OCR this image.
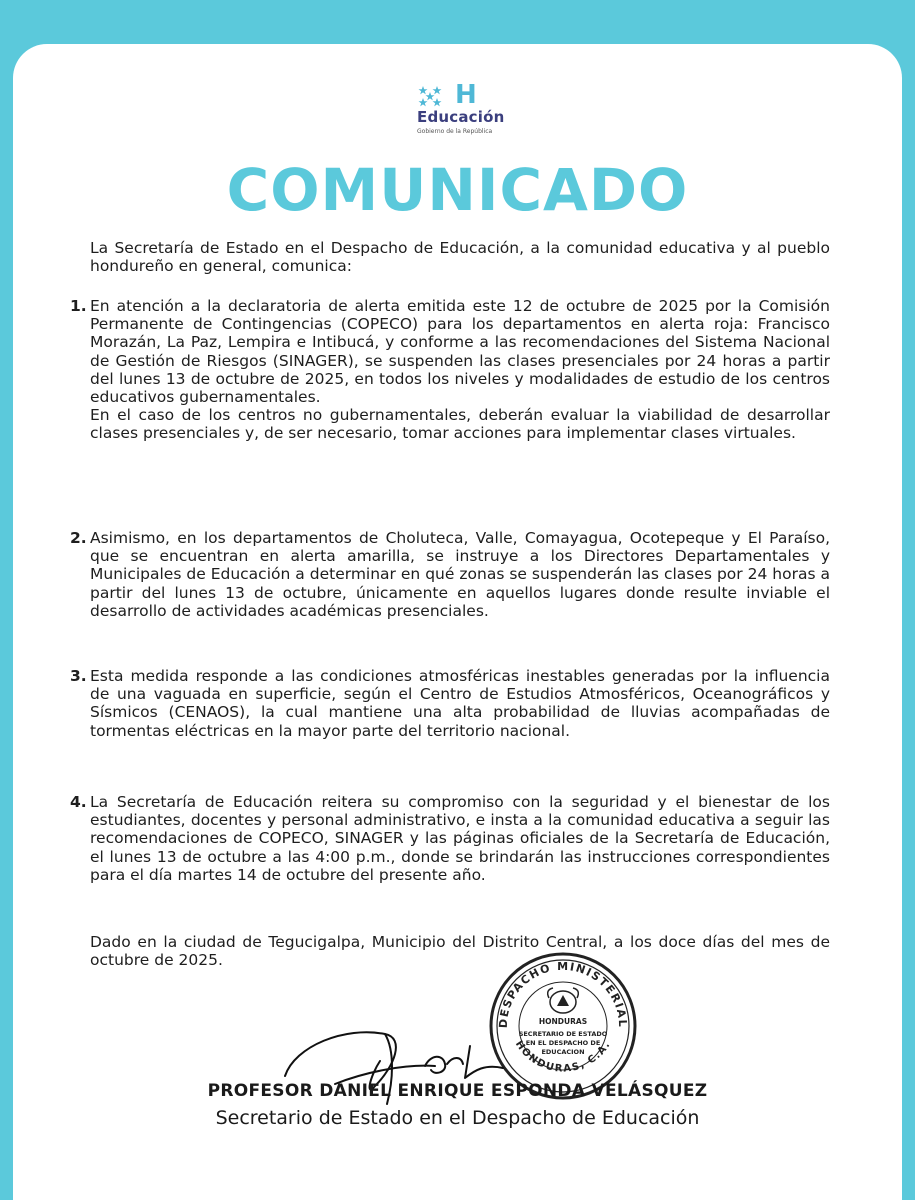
H
Educación
Gobierno de la República
COMUNICADO
La Secretaría de Estado en el Despacho de Educación, a la comunidad educativa y al pueblo hondureño en general, comunica:
1. En atención a la declaratoria de alerta emitida este 12 de octubre de 2025 por la Comisión Permanente de Contingencias (COPECO) para los departamentos en alerta roja: Francisco Morazán, La Paz, Lempira e Intibucá, y conforme a las recomendaciones del Sistema Nacional de Gestión de Riesgos (SINAGER), se suspenden las clases presenciales por 24 horas a partir del lunes 13 de octubre de 2025, en todos los niveles y modalidades de estudio de los centros educativos gubernamentales.

En el caso de los centros no gubernamentales, deberán evaluar la viabilidad de desarrollar clases presenciales y, de ser necesario, tomar acciones para implementar clases virtuales.

2. Asimismo, en los departamentos de Choluteca, Valle, Comayagua, Ocotepeque y El Paraíso, que se encuentran en alerta amarilla, se instruye a los Directores Departamentales y Municipales de Educación a determinar en qué zonas se suspenderán las clases por 24 horas a partir del lunes 13 de octubre, únicamente en aquellos lugares donde resulte inviable el desarrollo de actividades académicas presenciales.

3. Esta medida responde a las condiciones atmosféricas inestables generadas por la influencia de una vaguada en superficie, según el Centro de Estudios Atmosféricos, Oceanográficos y Sísmicos (CENAOS), la cual mantiene una alta probabilidad de lluvias acompañadas de tormentas eléctricas en la mayor parte del territorio nacional.

4. La Secretaría de Educación reitera su compromiso con la seguridad y el bienestar de los estudiantes, docentes y personal administrativo, e insta a la comunidad educativa a seguir las recomendaciones de COPECO, SINAGER y las páginas oficiales de la Secretaría de Educación, el lunes 13 de octubre a las 4:00 p.m., donde se brindarán las instrucciones correspondientes para el día martes 14 de octubre del presente año.

Dado en la ciudad de Tegucigalpa, Municipio del Distrito Central, a los doce días del mes de octubre de 2025.
DESPACHO MINISTERIAL
HONDURAS, C.A.
HONDURAS
SECRETARIO DE ESTADO
EN EL DESPACHO DE
EDUCACION
PROFESOR DANIEL ENRIQUE ESPONDA VELÁSQUEZ
Secretario de Estado en el Despacho de Educación
